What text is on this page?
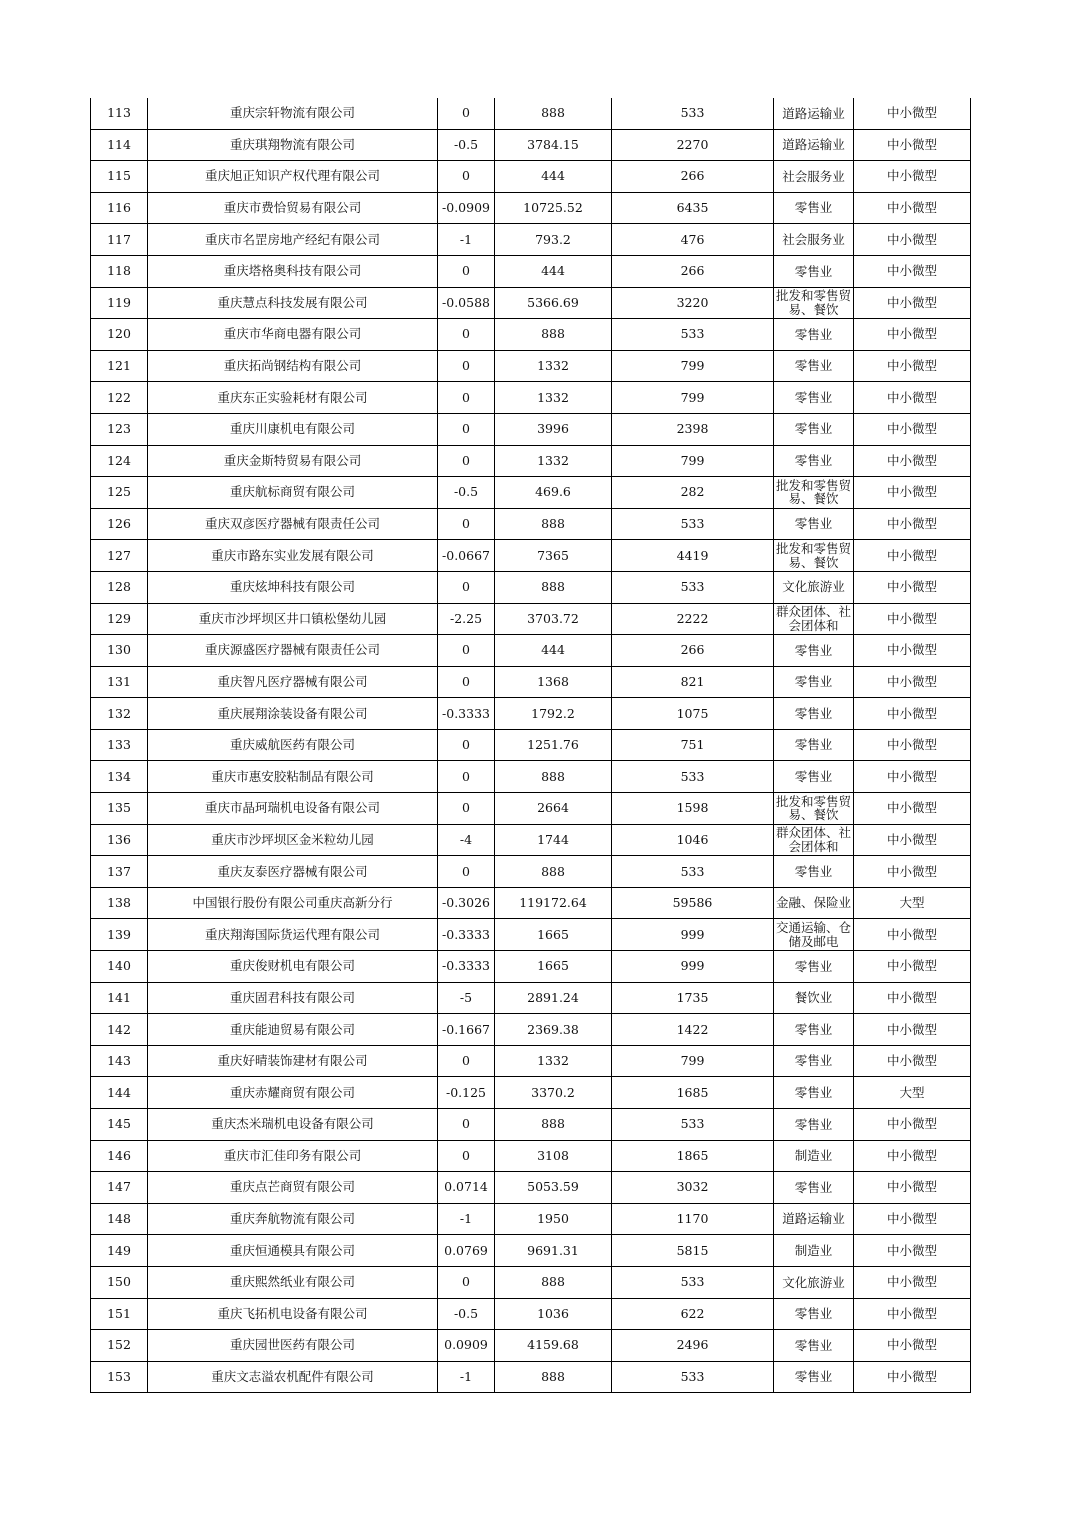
113	重庆宗轩物流有限公司	0	888	533	道路运输业	中小微型
114	重庆琪翔物流有限公司	-0.5	3784.15	2270	道路运输业	中小微型
115	重庆旭正知识产权代理有限公司	0	444	266	社会服务业	中小微型
116	重庆市费恰贸易有限公司	-0.0909	10725.52	6435	零售业	中小微型
117	重庆市名罡房地产经纪有限公司	-1	793.2	476	社会服务业	中小微型
118	重庆塔格奥科技有限公司	0	444	266	零售业	中小微型
119	重庆慧点科技发展有限公司	-0.0588	5366.69	3220	批发和零售贸易、餐饮	中小微型
120	重庆市华商电器有限公司	0	888	533	零售业	中小微型
121	重庆拓尚钢结构有限公司	0	1332	799	零售业	中小微型
122	重庆东正实验耗材有限公司	0	1332	799	零售业	中小微型
123	重庆川康机电有限公司	0	3996	2398	零售业	中小微型
124	重庆金斯特贸易有限公司	0	1332	799	零售业	中小微型
125	重庆航标商贸有限公司	-0.5	469.6	282	批发和零售贸易、餐饮	中小微型
126	重庆双彦医疗器械有限责任公司	0	888	533	零售业	中小微型
127	重庆市路东实业发展有限公司	-0.0667	7365	4419	批发和零售贸易、餐饮	中小微型
128	重庆炫坤科技有限公司	0	888	533	文化旅游业	中小微型
129	重庆市沙坪坝区井口镇松堡幼儿园	-2.25	3703.72	2222	群众团体、社会团体和	中小微型
130	重庆源盛医疗器械有限责任公司	0	444	266	零售业	中小微型
131	重庆智凡医疗器械有限公司	0	1368	821	零售业	中小微型
132	重庆展翔涂装设备有限公司	-0.3333	1792.2	1075	零售业	中小微型
133	重庆威航医药有限公司	0	1251.76	751	零售业	中小微型
134	重庆市惠安胶粘制品有限公司	0	888	533	零售业	中小微型
135	重庆市晶珂瑞机电设备有限公司	0	2664	1598	批发和零售贸易、餐饮	中小微型
136	重庆市沙坪坝区金米粒幼儿园	-4	1744	1046	群众团体、社会团体和	中小微型
137	重庆友泰医疗器械有限公司	0	888	533	零售业	中小微型
138	中国银行股份有限公司重庆高新分行	-0.3026	119172.64	59586	金融、保险业	大型
139	重庆翔海国际货运代理有限公司	-0.3333	1665	999	交通运输、仓储及邮电	中小微型
140	重庆俊财机电有限公司	-0.3333	1665	999	零售业	中小微型
141	重庆固君科技有限公司	-5	2891.24	1735	餐饮业	中小微型
142	重庆能迪贸易有限公司	-0.1667	2369.38	1422	零售业	中小微型
143	重庆好晴装饰建材有限公司	0	1332	799	零售业	中小微型
144	重庆赤耀商贸有限公司	-0.125	3370.2	1685	零售业	大型
145	重庆杰米瑞机电设备有限公司	0	888	533	零售业	中小微型
146	重庆市汇佳印务有限公司	0	3108	1865	制造业	中小微型
147	重庆点芒商贸有限公司	0.0714	5053.59	3032	零售业	中小微型
148	重庆奔航物流有限公司	-1	1950	1170	道路运输业	中小微型
149	重庆恒通模具有限公司	0.0769	9691.31	5815	制造业	中小微型
150	重庆熙然纸业有限公司	0	888	533	文化旅游业	中小微型
151	重庆飞拓机电设备有限公司	-0.5	1036	622	零售业	中小微型
152	重庆园世医药有限公司	0.0909	4159.68	2496	零售业	中小微型
153	重庆文志溢农机配件有限公司	-1	888	533	零售业	中小微型
